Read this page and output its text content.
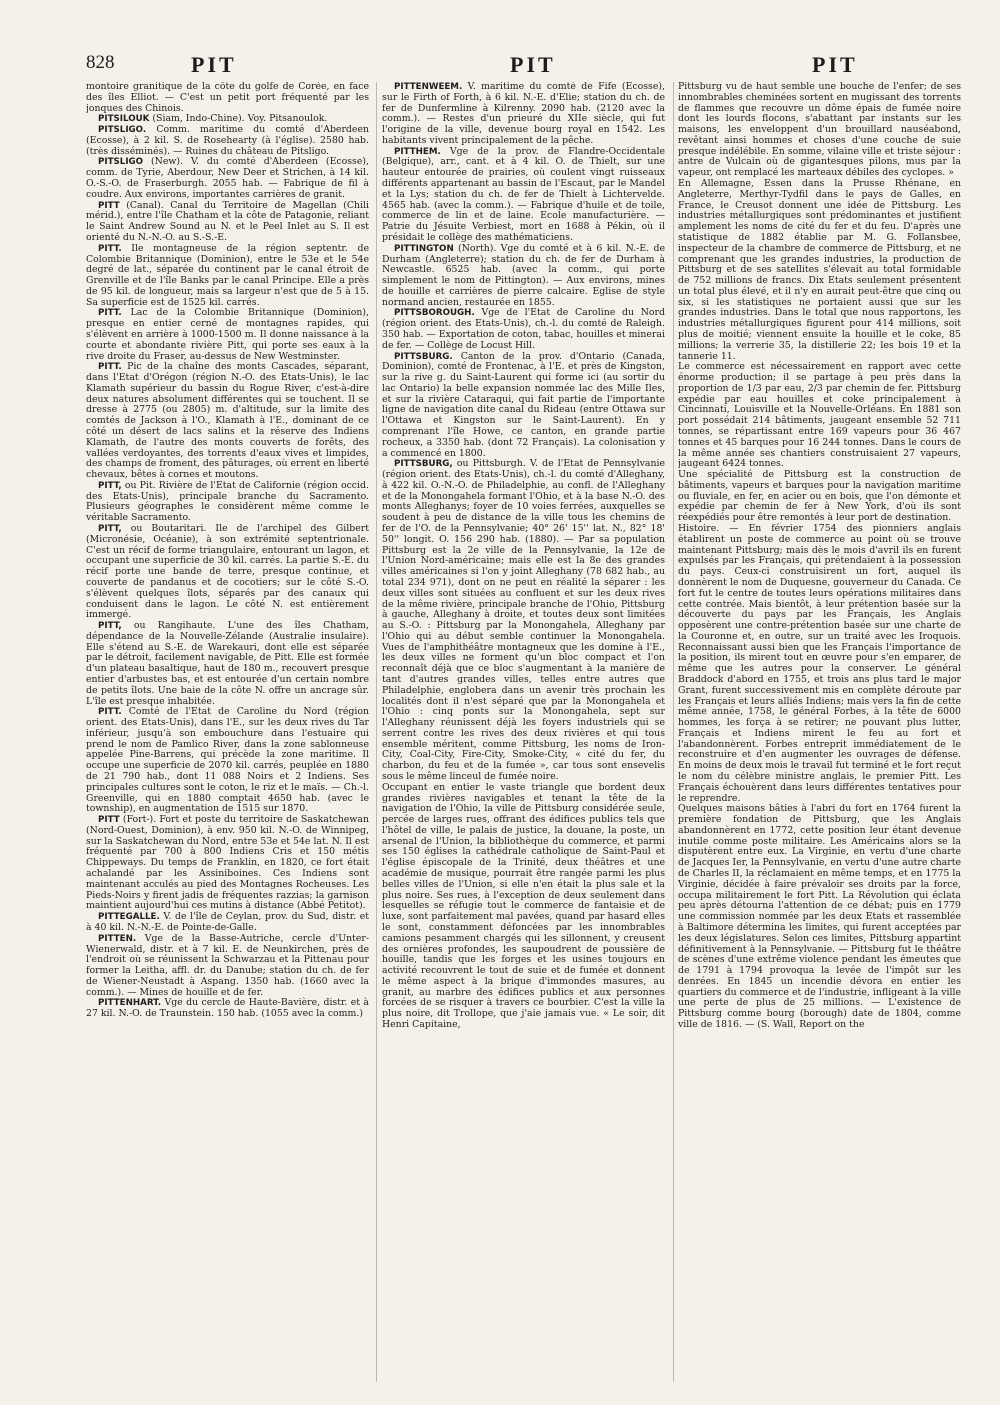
828	PIT	PIT	PIT

montoire granitique de la côte du golfe de Corée, en face des îles Elliot. — C'est un petit port fréquenté par les jonques des Chinois.

PITSILOUK (Siam, Indo-Chine). Voy. Pitsanoulok.

PITSLIGO. Comm. maritime du comté d'Aberdeen (Ecosse), à 2 kil. S. de Rosehearty (à l'église). 2580 hab. (très disséminés). — Ruines du château de Pitsligo.

PITSLIGO (New). V. du comté d'Aberdeen (Ecosse), comm. de Tyrie, Aberdour, New Deer et Strichen, à 14 kil. O.-S.-O. de Fraserburgh. 2055 hab. — Fabrique de fil à coudre. Aux environs, importantes carrières de granit.

PITT (Canal). Canal du Territoire de Magellan (Chili mérid.), entre l'île Chatham et la côte de Patagonie, reliant le Saint Andrew Sound au N. et le Peel Inlet au S. Il est orienté du N.-N.-O. au S.-S.-E.

PITT. Ile montagneuse de la région septentr. de Colombie Britannique (Dominion), entre le 53e et le 54e degré de lat., séparée du continent par le canal étroit de Grenville et de l'île Banks par le canal Principe. Elle a près de 95 kil. de longueur, mais sa largeur n'est que de 5 à 15. Sa superficie est de 1525 kil. carrés.

PITT. Lac de la Colombie Britannique (Dominion), presque en entier cerné de montagnes rapides, qui s'élèvent en arrière à 1000-1500 m. Il donne naissance à la courte et abondante rivière Pitt, qui porte ses eaux à la rive droite du Fraser, au-dessus de New Westminster.

PITT. Pic de la chaîne des monts Cascades, séparant, dans l'Etat d'Orégon (région N.-O. des Etats-Unis), le lac Klamath supérieur du bassin du Rogue River, c'est-à-dire deux natures absolument différentes qui se touchent. Il se dresse à 2775 (ou 2805) m. d'altitude, sur la limite des comtés de Jackson à l'O., Klamath à l'E., dominant de ce côté un désert de lacs salins et la réserve des Indiens Klamath, de l'autre des monts couverts de forêts, des vallées verdoyantes, des torrents d'eaux vives et limpides, des champs de froment, des pâturages, où errent en liberté chevaux, bêtes à cornes et moutons.

PITT, ou Pit. Rivière de l'Etat de Californie (région occid. des Etats-Unis), principale branche du Sacramento. Plusieurs géographes le considèrent même comme le véritable Sacramento.

PITT, ou Boutaritari. Ile de l'archipel des Gilbert (Micronésie, Océanie), à son extrémité septentrionale. C'est un récif de forme triangulaire, entourant un lagon, et occupant une superficie de 30 kil. carrés. La partie S.-E. du récif porte une bande de terre, presque continue, et couverte de pandanus et de cocotiers; sur le côté S.-O. s'élèvent quelques îlots, séparés par des canaux qui conduisent dans le lagon. Le côté N. est entièrement immergé.

PITT, ou Rangihaute. L'une des îles Chatham, dépendance de la Nouvelle-Zélande (Australie insulaire). Elle s'étend au S.-E. de Warekauri, dont elle est séparée par le détroit, facilement navigable, de Pitt. Elle est formée d'un plateau basaltique, haut de 180 m., recouvert presque entier d'arbustes bas, et est entourée d'un certain nombre de petits îlots. Une baie de la côte N. offre un ancrage sûr. L'île est presque inhabitée.

PITT. Comté de l'Etat de Caroline du Nord (région orient. des Etats-Unis), dans l'E., sur les deux rives du Tar inférieur, jusqu'à son embouchure dans l'estuaire qui prend le nom de Pamlico River, dans la zone sablonneuse appelée Pine-Barrens, qui précède la zone maritime. Il occupe une superficie de 2070 kil. carrés, peuplée en 1880 de 21 790 hab., dont 11 088 Noirs et 2 Indiens. Ses principales cultures sont le coton, le riz et le maïs. — Ch.-l. Greenville, qui en 1880 comptait 4650 hab. (avec le township), en augmentation de 1515 sur 1870.

PITT (Fort-). Fort et poste du territoire de Saskatchewan (Nord-Ouest, Dominion), à env. 950 kil. N.-O. de Winnipeg, sur la Saskatchewan du Nord, entre 53e et 54e lat. N. Il est fréquenté par 700 à 800 Indiens Cris et 150 métis Chippeways. Du temps de Franklin, en 1820, ce fort était achalandé par les Assiniboines. Ces Indiens sont maintenant acculés au pied des Montagnes Rocheuses. Les Pieds-Noirs y firent jadis de fréquentes razzias; la garnison maintient aujourd'hui ces mutins à distance (Abbé Petitot).

PITTEGALLE. V. de l'île de Ceylan, prov. du Sud, distr. et à 40 kil. N.-N.-E. de Pointe-de-Galle.

PITTEN. Vge de la Basse-Autriche, cercle d'Unter-Wienerwald, distr. et à 7 kil. E. de Neunkirchen, près de l'endroit où se réunissent la Schwarzau et la Pittenau pour former la Leitha, affl. dr. du Danube; station du ch. de fer de Wiener-Neustadt à Aspang. 1350 hab. (1660 avec la comm.). — Mines de houille et de fer.

PITTENHART. Vge du cercle de Haute-Bavière, distr. et à 27 kil. N.-O. de Traunstein. 150 hab. (1055 avec la comm.)

PITTENWEEM. V. maritime du comté de Fife (Ecosse), sur le Firth of Forth, à 6 kil. N.-E. d'Elie; station du ch. de fer de Dunfermline à Kilrenny. 2090 hab. (2120 avec la comm.). — Restes d'un prieuré du XIIe siècle, qui fut l'origine de la ville, devenue bourg royal en 1542. Les habitants vivent principalement de la pêche.

PITTHEM. Vge de la prov. de Flandre-Occidentale (Belgique), arr., cant. et à 4 kil. O. de Thielt, sur une hauteur entourée de prairies, où coulent vingt ruisseaux différents appartenant au bassin de l'Escaut, par le Mandel et la Lys; station du ch. de fer de Thielt à Lichtervelde. 4565 hab. (avec la comm.). — Fabrique d'huile et de toile, commerce de lin et de laine. Ecole manufacturière. — Patrie du Jésuite Verbiest, mort en 1688 à Pékin, où il présidait le collège des mathématiciens.

PITTINGTON (North). Vge du comté et à 6 kil. N.-E. de Durham (Angleterre); station du ch. de fer de Durham à Newcastle. 6525 hab. (avec la comm., qui porte simplement le nom de Pittington). — Aux environs, mines de houille et carrières de pierre calcaire. Eglise de style normand ancien, restaurée en 1855.

PITTSBOROUGH. Vge de l'Etat de Caroline du Nord (région orient. des Etats-Unis), ch.-l. du comté de Raleigh. 350 hab. — Exportation de coton, tabac, houilles et minerai de fer. — Collège de Locust Hill.

PITTSBURG. Canton de la prov. d'Ontario (Canada, Dominion), comté de Frontenac, à l'E. et près de Kingston, sur la rive g. du Saint-Laurent qui forme ici (au sortir du lac Ontario) la belle expansion nommée lac des Mille Iles, et sur la rivière Cataraqui, qui fait partie de l'importante ligne de navigation dite canal du Rideau (entre Ottawa sur l'Ottawa et Kingston sur le Saint-Laurent). En y comprenant l'île Howe, ce canton, en grande partie rocheux, a 3350 hab. (dont 72 Français). La colonisation y a commencé en 1800.

PITTSBURG, ou Pittsburgh. V. de l'Etat de Pennsylvanie (région orient. des Etats-Unis), ch.-l. du comté d'Alleghany, à 422 kil. O.-N.-O. de Philadelphie, au confl. de l'Alleghany et de la Monongahela formant l'Ohio, et à la base N.-O. des monts Alleghanys; foyer de 10 voies ferrées, auxquelles se soudent à peu de distance de la ville tous les chemins de fer de l'O. de la Pennsylvanie; 40° 26' 15'' lat. N., 82° 18' 50'' longit. O. 156 290 hab. (1880). — Par sa population Pittsburg est la 2e ville de la Pennsylvanie, la 12e de l'Union Nord-américaine; mais elle est la 8e des grandes villes américaines si l'on y joint Alleghany (78 682 hab., au total 234 971), dont on ne peut en réalité la séparer : les deux villes sont situées au confluent et sur les deux rives de la même rivière, principale branche de l'Ohio, Pittsburg à gauche, Alleghany à droite, et toutes deux sont limitées au S.-O. : Pittsburg par la Monongahela, Alleghany par l'Ohio qui au début semble continuer la Monongahela. Vues de l'amphithéâtre montagneux que les domine à l'E., les deux villes ne forment qu'un bloc compact et l'on reconnaît déjà que ce bloc s'augmentant à la manière de tant d'autres grandes villes, telles entre autres que Philadelphie, englobera dans un avenir très prochain les localités dont il n'est séparé que par la Monongahela et l'Ohio : cinq ponts sur la Monongahela, sept sur l'Alleghany réunissent déjà les foyers industriels qui se serrent contre les rives des deux rivières et qui tous ensemble méritent, comme Pittsburg, les noms de Iron-City, Coal-City, Fire-City, Smoke-City, « cité du fer, du charbon, du feu et de la fumée », car tous sont ensevelis sous le même linceul de fumée noire.

Occupant en entier le vaste triangle que bordent deux grandes rivières navigables et tenant la tête de la navigation de l'Ohio, la ville de Pittsburg considérée seule, percée de larges rues, offrant des édifices publics tels que l'hôtel de ville, le palais de justice, la douane, la poste, un arsenal de l'Union, la bibliothèque du commerce, et parmi ses 150 églises la cathédrale catholique de Saint-Paul et l'église épiscopale de la Trinité, deux théâtres et une académie de musique, pourrait être rangée parmi les plus belles villes de l'Union, si elle n'en était la plus sale et la plus noire. Ses rues, à l'exception de deux seulement dans lesquelles se réfugie tout le commerce de fantaisie et de luxe, sont parfaitement mal pavées, quand par hasard elles le sont, constamment défoncées par les innombrables camions pesamment chargés qui les sillonnent, y creusent des ornières profondes, les saupoudrent de poussière de houille, tandis que les forges et les usines toujours en activité recouvrent le tout de suie et de fumée et donnent le même aspect à la brique d'immondes masures, au granit, au marbre des édifices publics et aux personnes forcées de se risquer à travers ce bourbier. C'est la ville la plus noire, dit Trollope, que j'aie jamais vue. « Le soir, dit Henri Capitaine,

Pittsburg vu de haut semble une bouche de l'enfer; de ses innombrables cheminées sortent en mugissant des torrents de flammes que recouvre un dôme épais de fumée noire dont les lourds flocons, s'abattant par instants sur les maisons, les enveloppent d'un brouillard nauséabond, revêtant ainsi hommes et choses d'une couche de suie presque indélébile. En somme, vilaine ville et triste séjour : antre de Vulcain où de gigantesques pilons, mus par la vapeur, ont remplacé les marteaux débiles des cyclopes. »

En Allemagne, Essen dans la Prusse Rhénane, en Angleterre, Merthyr-Tydfil dans le pays de Galles, en France, le Creusot donnent une idée de Pittsburg. Les industries métallurgiques sont prédominantes et justifient amplement les noms de cité du fer et du feu. D'après une statistique de 1882 établie par M. G. Follansbee, inspecteur de la chambre de commerce de Pittsburg, et ne comprenant que les grandes industries, la production de Pittsburg et de ses satellites s'élevait au total formidable de 752 millions de francs. Dix Etats seulement présentent un total plus élevé, et il n'y en aurait peut-être que cinq ou six, si les statistiques ne portaient aussi que sur les grandes industries. Dans le total que nous rapportons, les industries métallurgiques figurent pour 414 millions, soit plus de moitié; viennent ensuite la houille et le coke, 85 millions; la verrerie 35, la distillerie 22; les bois 19 et la tannerie 11.

Le commerce est nécessairement en rapport avec cette énorme production; il se partage à peu près dans la proportion de 1/3 par eau, 2/3 par chemin de fer. Pittsburg expédie par eau houilles et coke principalement à Cincinnati, Louisville et la Nouvelle-Orléans. En 1881 son port possédait 214 bâtiments, jaugeant ensemble 52 711 tonnes, se répartissant entre 169 vapeurs pour 36 467 tonnes et 45 barques pour 16 244 tonnes. Dans le cours de la même année ses chantiers construisaient 27 vapeurs, jaugeant 6424 tonnes.

Une spécialité de Pittsburg est la construction de bâtiments, vapeurs et barques pour la navigation maritime ou fluviale, en fer, en acier ou en bois, que l'on démonte et expédie par chemin de fer à New York, d'où ils sont réexpédiés pour être remontés à leur port de destination.

Histoire. — En février 1754 des pionniers anglais établirent un poste de commerce au point où se trouve maintenant Pittsburg; mais dès le mois d'avril ils en furent expulsés par les Français, qui prétendaient à la possession du pays. Ceux-ci construisirent un fort, auquel ils donnèrent le nom de Duquesne, gouverneur du Canada. Ce fort fut le centre de toutes leurs opérations militaires dans cette contrée. Mais bientôt, à leur prétention basée sur la découverte du pays par les Français, les Anglais opposèrent une contre-prétention basée sur une charte de la Couronne et, en outre, sur un traité avec les Iroquois. Reconnaissant aussi bien que les Français l'importance de la position, ils mirent tout en œuvre pour s'en emparer, de même que les autres pour la conserver. Le général Braddock d'abord en 1755, et trois ans plus tard le major Grant, furent successivement mis en complète déroute par les Français et leurs alliés Indiens; mais vers la fin de cette même année, 1758, le général Forbes, à la tête de 6000 hommes, les força à se retirer; ne pouvant plus lutter, Français et Indiens mirent le feu au fort et l'abandonnèrent. Forbes entreprit immédiatement de le reconstruire et d'en augmenter les ouvrages de défense. En moins de deux mois le travail fut terminé et le fort reçut le nom du célèbre ministre anglais, le premier Pitt. Les Français échouèrent dans leurs différentes tentatives pour le reprendre.

Quelques maisons bâties à l'abri du fort en 1764 furent la première fondation de Pittsburg, que les Anglais abandonnèrent en 1772, cette position leur étant devenue inutile comme poste militaire. Les Américains alors se la disputèrent entre eux. La Virginie, en vertu d'une charte de Jacques Ier, la Pennsylvanie, en vertu d'une autre charte de Charles II, la réclamaient en même temps, et en 1775 la Virginie, décidée à faire prévaloir ses droits par la force, occupa militairement le fort Pitt. La Révolution qui éclata peu après détourna l'attention de ce débat; puis en 1779 une commission nommée par les deux Etats et rassemblée à Baltimore détermina les limites, qui furent acceptées par les deux législatures. Selon ces limites, Pittsburg appartint définitivement à la Pennsylvanie. — Pittsburg fut le théâtre de scènes d'une extrême violence pendant les émeutes que de 1791 à 1794 provoqua la levée de l'impôt sur les denrées. En 1845 un incendie dévora en entier les quartiers du commerce et de l'industrie, infligeant à la ville une perte de plus de 25 millions. — L'existence de Pittsburg comme bourg (borough) date de 1804, comme ville de 1816. — (S. Wall, Report on the
